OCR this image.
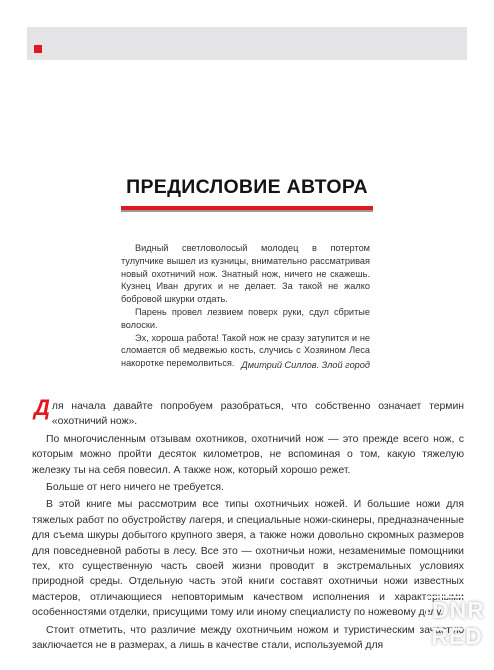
ПРЕДИСЛОВИЕ АВТОРА

Видный светловолосый молодец в потертом тулупчике вышел из кузницы, внимательно рассматривая новый охотничий нож. Знатный нож, ничего не скажешь. Кузнец Иван других и не делает. За такой не жалко бобровой шкурки отдать.

Парень провел лезвием поверх руки, сдул сбритые волоски.

Эх, хороша работа! Такой нож не сразу затупится и не сломается об медвежью кость, случись с Хозяином Леса накоротке перемолвиться. Дмитрий Силлов. Злой город

Для начала давайте попробуем разобраться, что собственно означает термин «охотничий нож».

По многочисленным отзывам охотников, охотничий нож — это прежде всего нож, с которым можно пройти десяток километров, не вспоминая о том, какую тяжелую железку ты на себя повесил. А также нож, который хорошо режет.

Больше от него ничего не требуется.

В этой книге мы рассмотрим все типы охотничьих ножей. И большие ножи для тяжелых работ по обустройству лагеря, и специальные ножи-скинеры, предназначенные для съема шкуры добытого крупного зверя, а также ножи довольно скромных размеров для повседневной работы в лесу. Все это — охотничьи ножи, незаменимые помощники тех, кто существенную часть своей жизни проводит в экстремальных условиях природной среды. Отдельную часть этой книги составят охотничьи ножи известных мастеров, отличающиеся неповторимым качеством исполнения и характерными особенностями отделки, присущими тому или иному специалисту по ножевому делу.

Стоит отметить, что различие между охотничьим ножом и туристическим зачастую заключается не в размерах, а лишь в качестве стали, используемой для

DNR
RED
